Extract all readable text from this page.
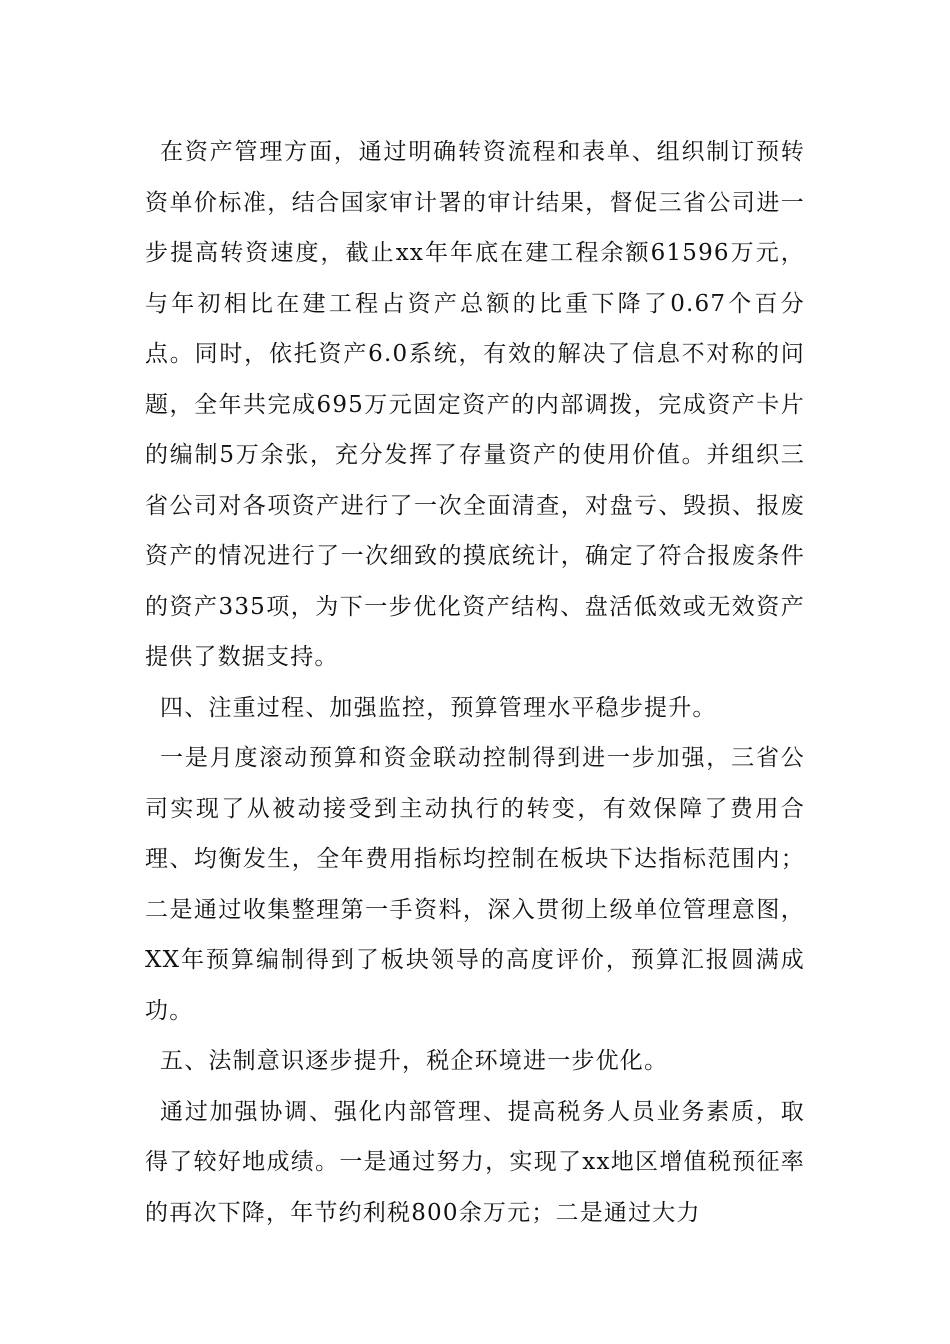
在资产管理方面，通过明确转资流程和表单、组织制订预转资单价标准，结合国家审计署的审计结果，督促三省公司进一步提高转资速度，截止xx年年底在建工程余额61596万元，与年初相比在建工程占资产总额的比重下降了0.67个百分点。同时，依托资产6.0系统，有效的解决了信息不对称的问题，全年共完成695万元固定资产的内部调拨，完成资产卡片的编制5万余张，充分发挥了存量资产的使用价值。并组织三省公司对各项资产进行了一次全面清查，对盘亏、毁损、报废资产的情况进行了一次细致的摸底统计，确定了符合报废条件的资产335项，为下一步优化资产结构、盘活低效或无效资产提供了数据支持。

四、注重过程、加强监控，预算管理水平稳步提升。

一是月度滚动预算和资金联动控制得到进一步加强，三省公司实现了从被动接受到主动执行的转变，有效保障了费用合理、均衡发生，全年费用指标均控制在板块下达指标范围内；二是通过收集整理第一手资料，深入贯彻上级单位管理意图，XX年预算编制得到了板块领导的高度评价，预算汇报圆满成功。

五、法制意识逐步提升，税企环境进一步优化。

通过加强协调、强化内部管理、提高税务人员业务素质，取得了较好地成绩。一是通过努力，实现了xx地区增值税预征率的再次下降，年节约利税800余万元；二是通过大力
